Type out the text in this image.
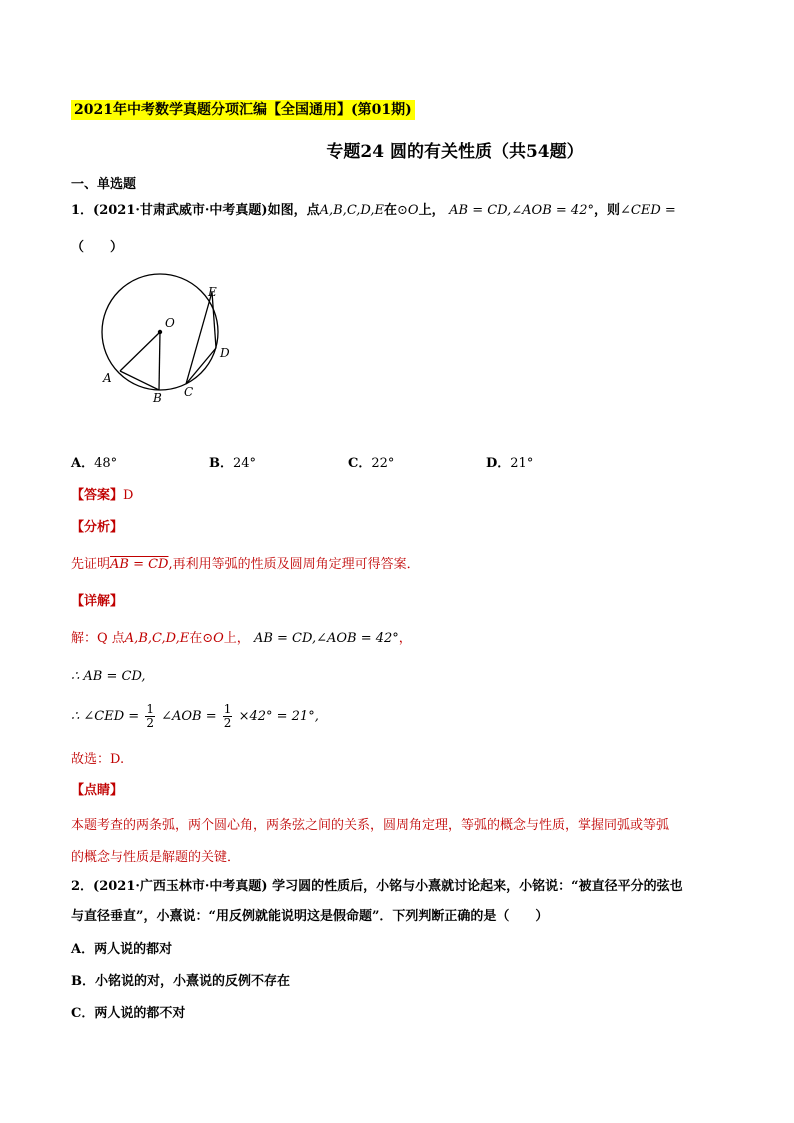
2021年中考数学真题分项汇编【全国通用】(第01期)
专题24 圆的有关性质（共54题）
一、单选题
1．(2021·甘肃武威市·中考真题)如图，点A,B,C,D,E在⊙O上， AB = CD,∠AOB = 42°，则∠CED =
（　　）
O
A
B C
D
E
A．48°	B．24°	C．22°	D．21°
【答案】D
【分析】
先证明AB = CD,再利用等弧的性质及圆周角定理可得答案．
【详解】
解：Q 点A,B,C,D,E在⊙O上， AB = CD,∠AOB = 42°，
∴ AB = CD,
∴ ∠CED = $\frac{1}{2}$ ∠AOB = $\frac{1}{2} \times 42^\circ = 21^\circ$,
故选：D.
【点睛】
本题考查的两条弧，两个圆心角，两条弦之间的关系，圆周角定理，等弧的概念与性质，掌握同弧或等弧
的概念与性质是解题的关键．
2．(2021·广西玉林市·中考真题) 学习圆的性质后，小铭与小熹就讨论起来，小铭说：“被直径平分的弦也
与直径垂直”，小熹说：“用反例就能说明这是假命题”．下列判断正确的是（　　）
A．两人说的都对
B．小铭说的对，小熹说的反例不存在
C．两人说的都不对
